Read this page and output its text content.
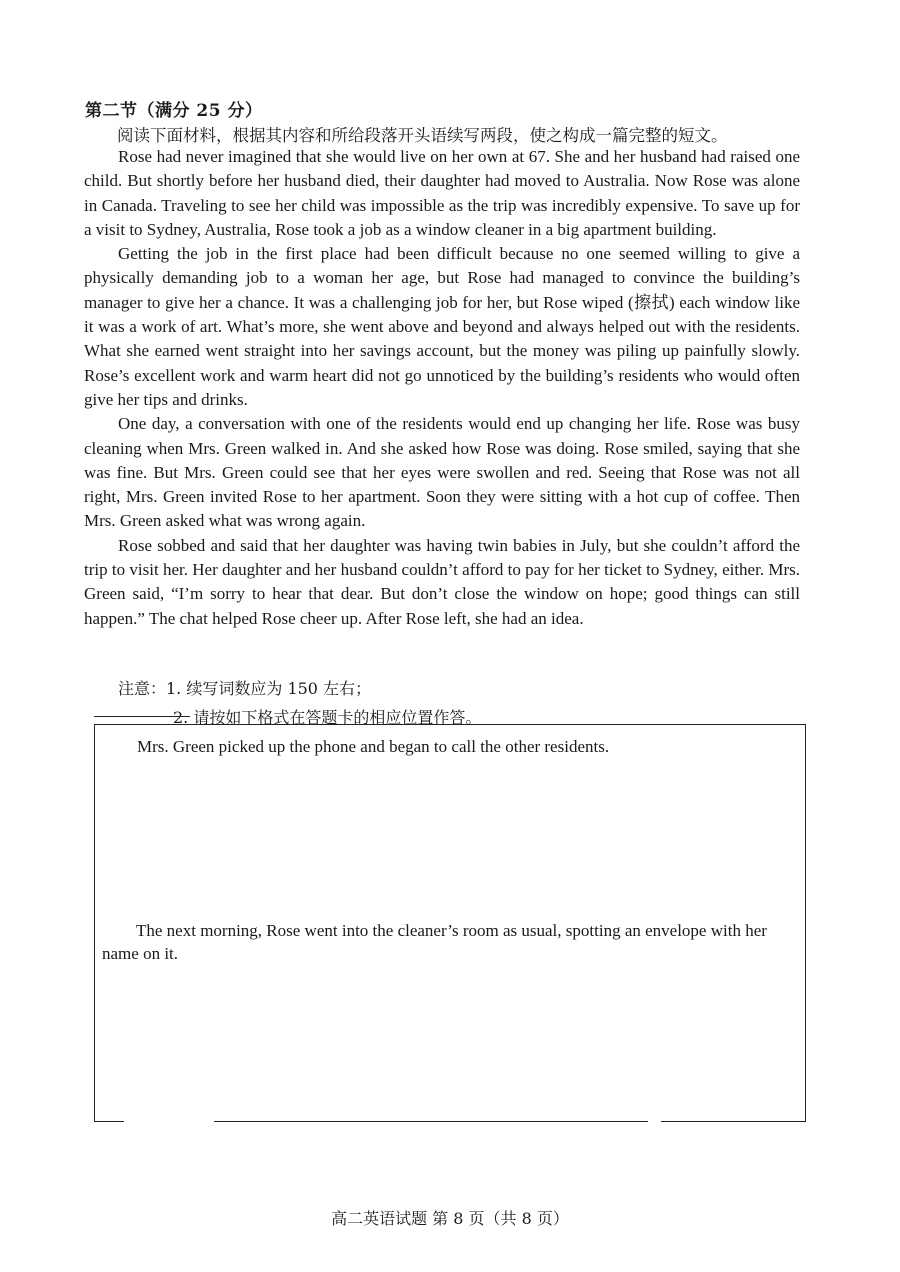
第二节（满分 25 分）
阅读下面材料，根据其内容和所给段落开头语续写两段，使之构成一篇完整的短文。

Rose had never imagined that she would live on her own at 67. She and her husband had raised one child. But shortly before her husband died, their daughter had moved to Australia. Now Rose was alone in Canada. Traveling to see her child was impossible as the trip was incredibly expensive. To save up for a visit to Sydney, Australia, Rose took a job as a window cleaner in a big apartment building.

Getting the job in the first place had been difficult because no one seemed willing to give a physically demanding job to a woman her age, but Rose had managed to convince the building’s manager to give her a chance. It was a challenging job for her, but Rose wiped (擦拭) each window like it was a work of art. What’s more, she went above and beyond and always helped out with the residents. What she earned went straight into her savings account, but the money was piling up painfully slowly. Rose’s excellent work and warm heart did not go unnoticed by the building’s residents who would often give her tips and drinks.

One day, a conversation with one of the residents would end up changing her life. Rose was busy cleaning when Mrs. Green walked in. And she asked how Rose was doing. Rose smiled, saying that she was fine. But Mrs. Green could see that her eyes were swollen and red. Seeing that Rose was not all right, Mrs. Green invited Rose to her apartment. Soon they were sitting with a hot cup of coffee. Then Mrs. Green asked what was wrong again.

Rose sobbed and said that her daughter was having twin babies in July, but she couldn’t afford the trip to visit her. Her daughter and her husband couldn’t afford to pay for her ticket to Sydney, either. Mrs. Green said, “I’m sorry to hear that dear. But don’t close the window on hope; good things can still happen.” The chat helped Rose cheer up. After Rose left, she had an idea.

注意：1. 续写词数应为 150 左右；
2. 请按如下格式在答题卡的相应位置作答。
Mrs. Green picked up the phone and began to call the other residents.
The next morning, Rose went into the cleaner’s room as usual, spotting an envelope with her name on it.
高二英语试题 第 8 页（共 8 页）
